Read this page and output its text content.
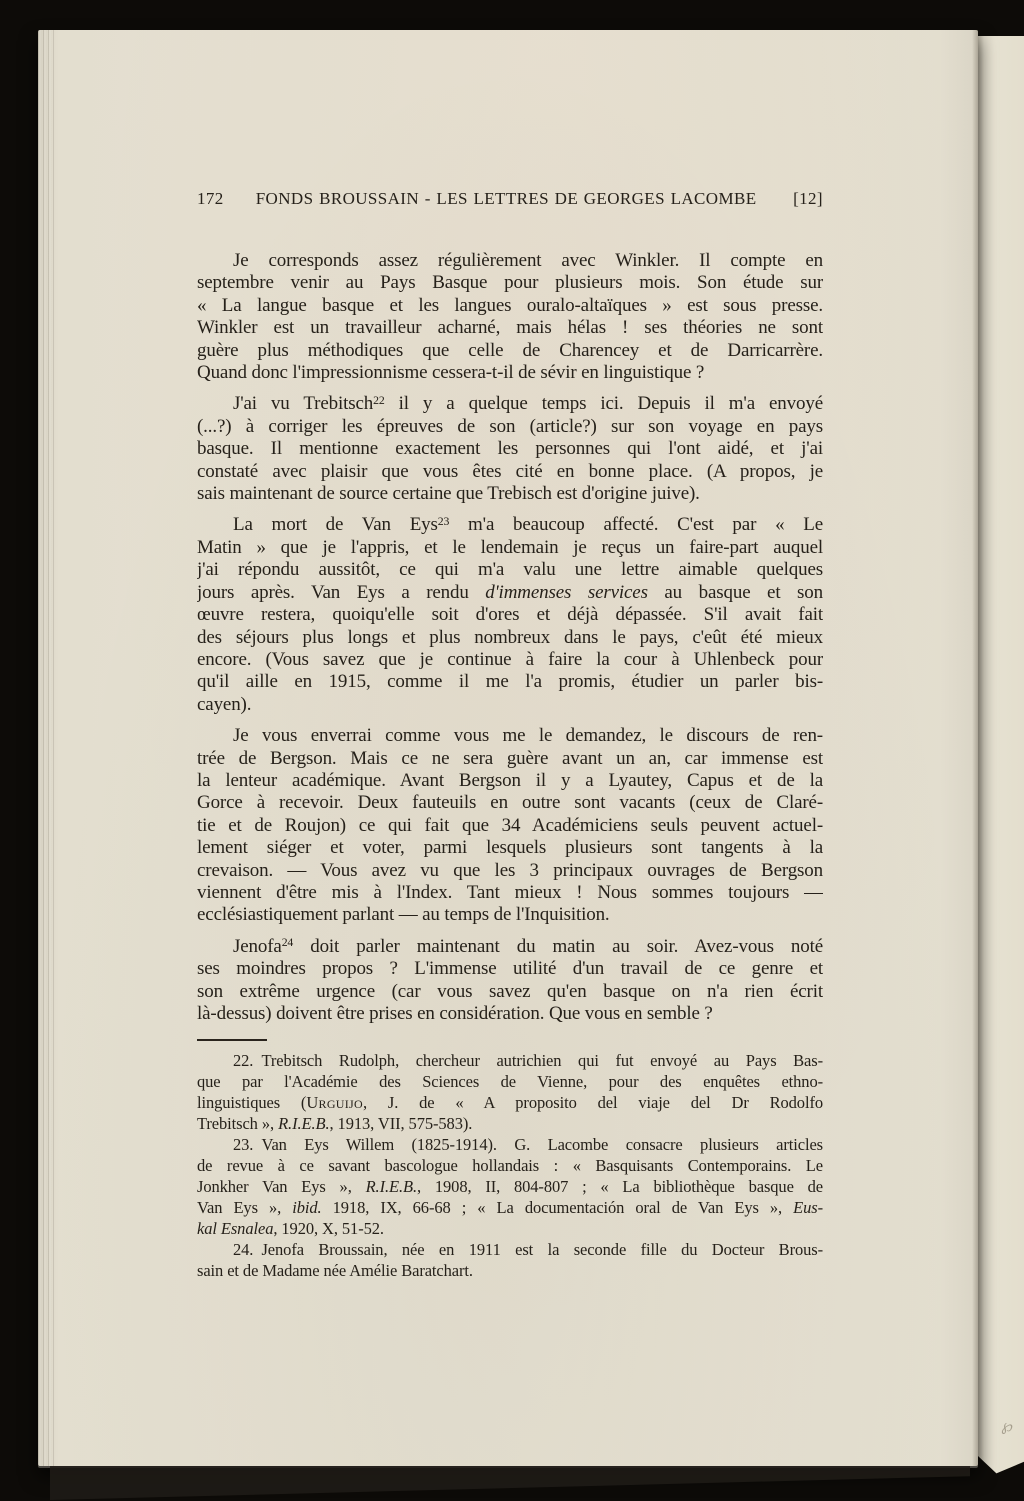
172 FONDS BROUSSAIN - LES LETTRES DE GEORGES LACOMBE	[12]
Je corresponds assez régulièrement avec Winkler. Il compte en
septembre venir au Pays Basque pour plusieurs mois. Son étude sur
« La langue basque et les langues ouralo-altaïques » est sous presse.
Winkler est un travailleur acharné, mais hélas ! ses théories ne sont
guère plus méthodiques que celle de Charencey et de Darricarrère.
Quand donc l'impressionnisme cessera-t-il de sévir en linguistique ?
J'ai vu Trebitsch$^{22}$ il y a quelque temps ici. Depuis il m'a envoyé
(...?) à corriger les épreuves de son (article?) sur son voyage en pays
basque. Il mentionne exactement les personnes qui l'ont aidé, et j'ai
constaté avec plaisir que vous êtes cité en bonne place. (A propos, je
sais maintenant de source certaine que Trebisch est d'origine juive).
La mort de Van Eys$^{23}$ m'a beaucoup affecté. C'est par « Le
Matin » que je l'appris, et le lendemain je reçus un faire-part auquel
j'ai répondu aussitôt, ce qui m'a valu une lettre aimable quelques
jours après. Van Eys a rendu d'immenses services au basque et son
œuvre restera, quoiqu'elle soit d'ores et déjà dépassée. S'il avait fait
des séjours plus longs et plus nombreux dans le pays, c'eût été mieux
encore. (Vous savez que je continue à faire la cour à Uhlenbeck pour
qu'il aille en 1915, comme il me l'a promis, étudier un parler bis-
cayen).
Je vous enverrai comme vous me le demandez, le discours de ren-
trée de Bergson. Mais ce ne sera guère avant un an, car immense est
la lenteur académique. Avant Bergson il y a Lyautey, Capus et de la
Gorce à recevoir. Deux fauteuils en outre sont vacants (ceux de Claré-
tie et de Roujon) ce qui fait que 34 Académiciens seuls peuvent actuel-
lement siéger et voter, parmi lesquels plusieurs sont tangents à la
crevaison. — Vous avez vu que les 3 principaux ouvrages de Bergson
viennent d'être mis à l'Index. Tant mieux ! Nous sommes toujours —
ecclésiastiquement parlant — au temps de l'Inquisition.
Jenofa$^{24}$ doit parler maintenant du matin au soir. Avez-vous noté
ses moindres propos ? L'immense utilité d'un travail de ce genre et
son extrême urgence (car vous savez qu'en basque on n'a rien écrit
là-dessus) doivent être prises en considération. Que vous en semble ?
22. Trebitsch Rudolph, chercheur autrichien qui fut envoyé au Pays Bas-
que par l'Académie des Sciences de Vienne, pour des enquêtes ethno-
linguistiques (Urguijo, J. de « A proposito del viaje del Dr Rodolfo
Trebitsch », R.I.E.B., 1913, VII, 575-583).
23. Van Eys Willem (1825-1914). G. Lacombe consacre plusieurs articles
de revue à ce savant bascologue hollandais : « Basquisants Contemporains. Le
Jonkher Van Eys », R.I.E.B., 1908, II, 804-807 ; « La bibliothèque basque de
Van Eys », ibid. 1918, IX, 66-68 ; « La documentación oral de Van Eys », Eus-
kal Esnalea, 1920, X, 51-52.
24. Jenofa Broussain, née en 1911 est la seconde fille du Docteur Brous-
sain et de Madame née Amélie Baratchart.
℘
